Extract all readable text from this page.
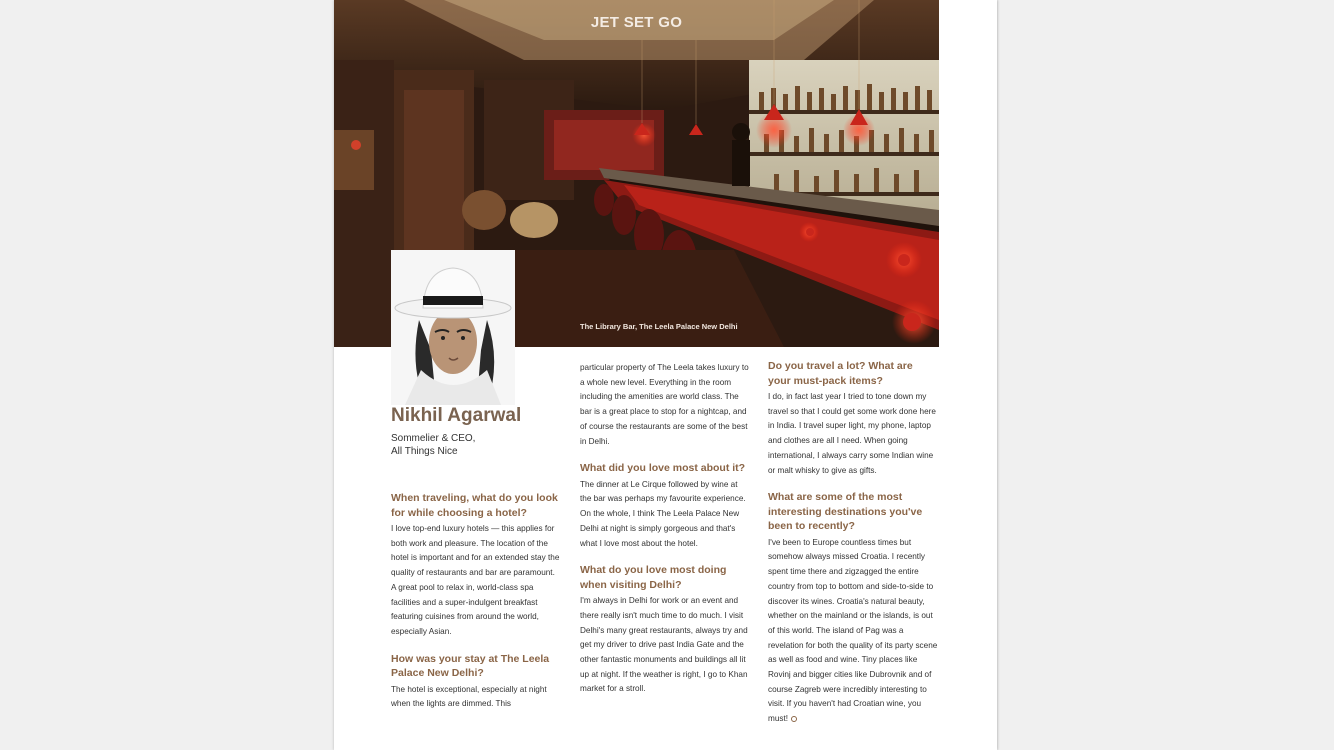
JET SET GO
The Library Bar, The Leela Palace New Delhi
Nikhil Agarwal
Sommelier & CEO,
All Things Nice
When traveling, what do you look for while choosing a hotel?
I love top-end luxury hotels — this applies for both work and pleasure. The location of the hotel is important and for an extended stay the quality of restaurants and bar are paramount. A great pool to relax in, world-class spa facilities and a super-indulgent breakfast featuring cuisines from around the world, especially Asian.
How was your stay at The Leela Palace New Delhi?
The hotel is exceptional, especially at night when the lights are dimmed. This
particular property of The Leela takes luxury to a whole new level. Everything in the room including the amenities are world class. The bar is a great place to stop for a nightcap, and of course the restaurants are some of the best in Delhi.
What did you love most about it?
The dinner at Le Cirque followed by wine at the bar was perhaps my favourite experience. On the whole, I think The Leela Palace New Delhi at night is simply gorgeous and that's what I love most about the hotel.
What do you love most doing when visiting Delhi?
I'm always in Delhi for work or an event and there really isn't much time to do much. I visit Delhi's many great restaurants, always try and get my driver to drive past India Gate and the other fantastic monuments and buildings all lit up at night. If the weather is right, I go to Khan market for a stroll.
Do you travel a lot? What are your must-pack items?
I do, in fact last year I tried to tone down my travel so that I could get some work done here in India. I travel super light, my phone, laptop and clothes are all I need. When going international, I always carry some Indian wine or malt whisky to give as gifts.
What are some of the most interesting destinations you've been to recently?
I've been to Europe countless times but somehow always missed Croatia. I recently spent time there and zigzagged the entire country from top to bottom and side-to-side to discover its wines. Croatia's natural beauty, whether on the mainland or the islands, is out of this world. The island of Pag was a revelation for both the quality of its party scene as well as food and wine. Tiny places like Rovinj and bigger cities like Dubrovnik and of course Zagreb were incredibly interesting to visit. If you haven't had Croatian wine, you must!
